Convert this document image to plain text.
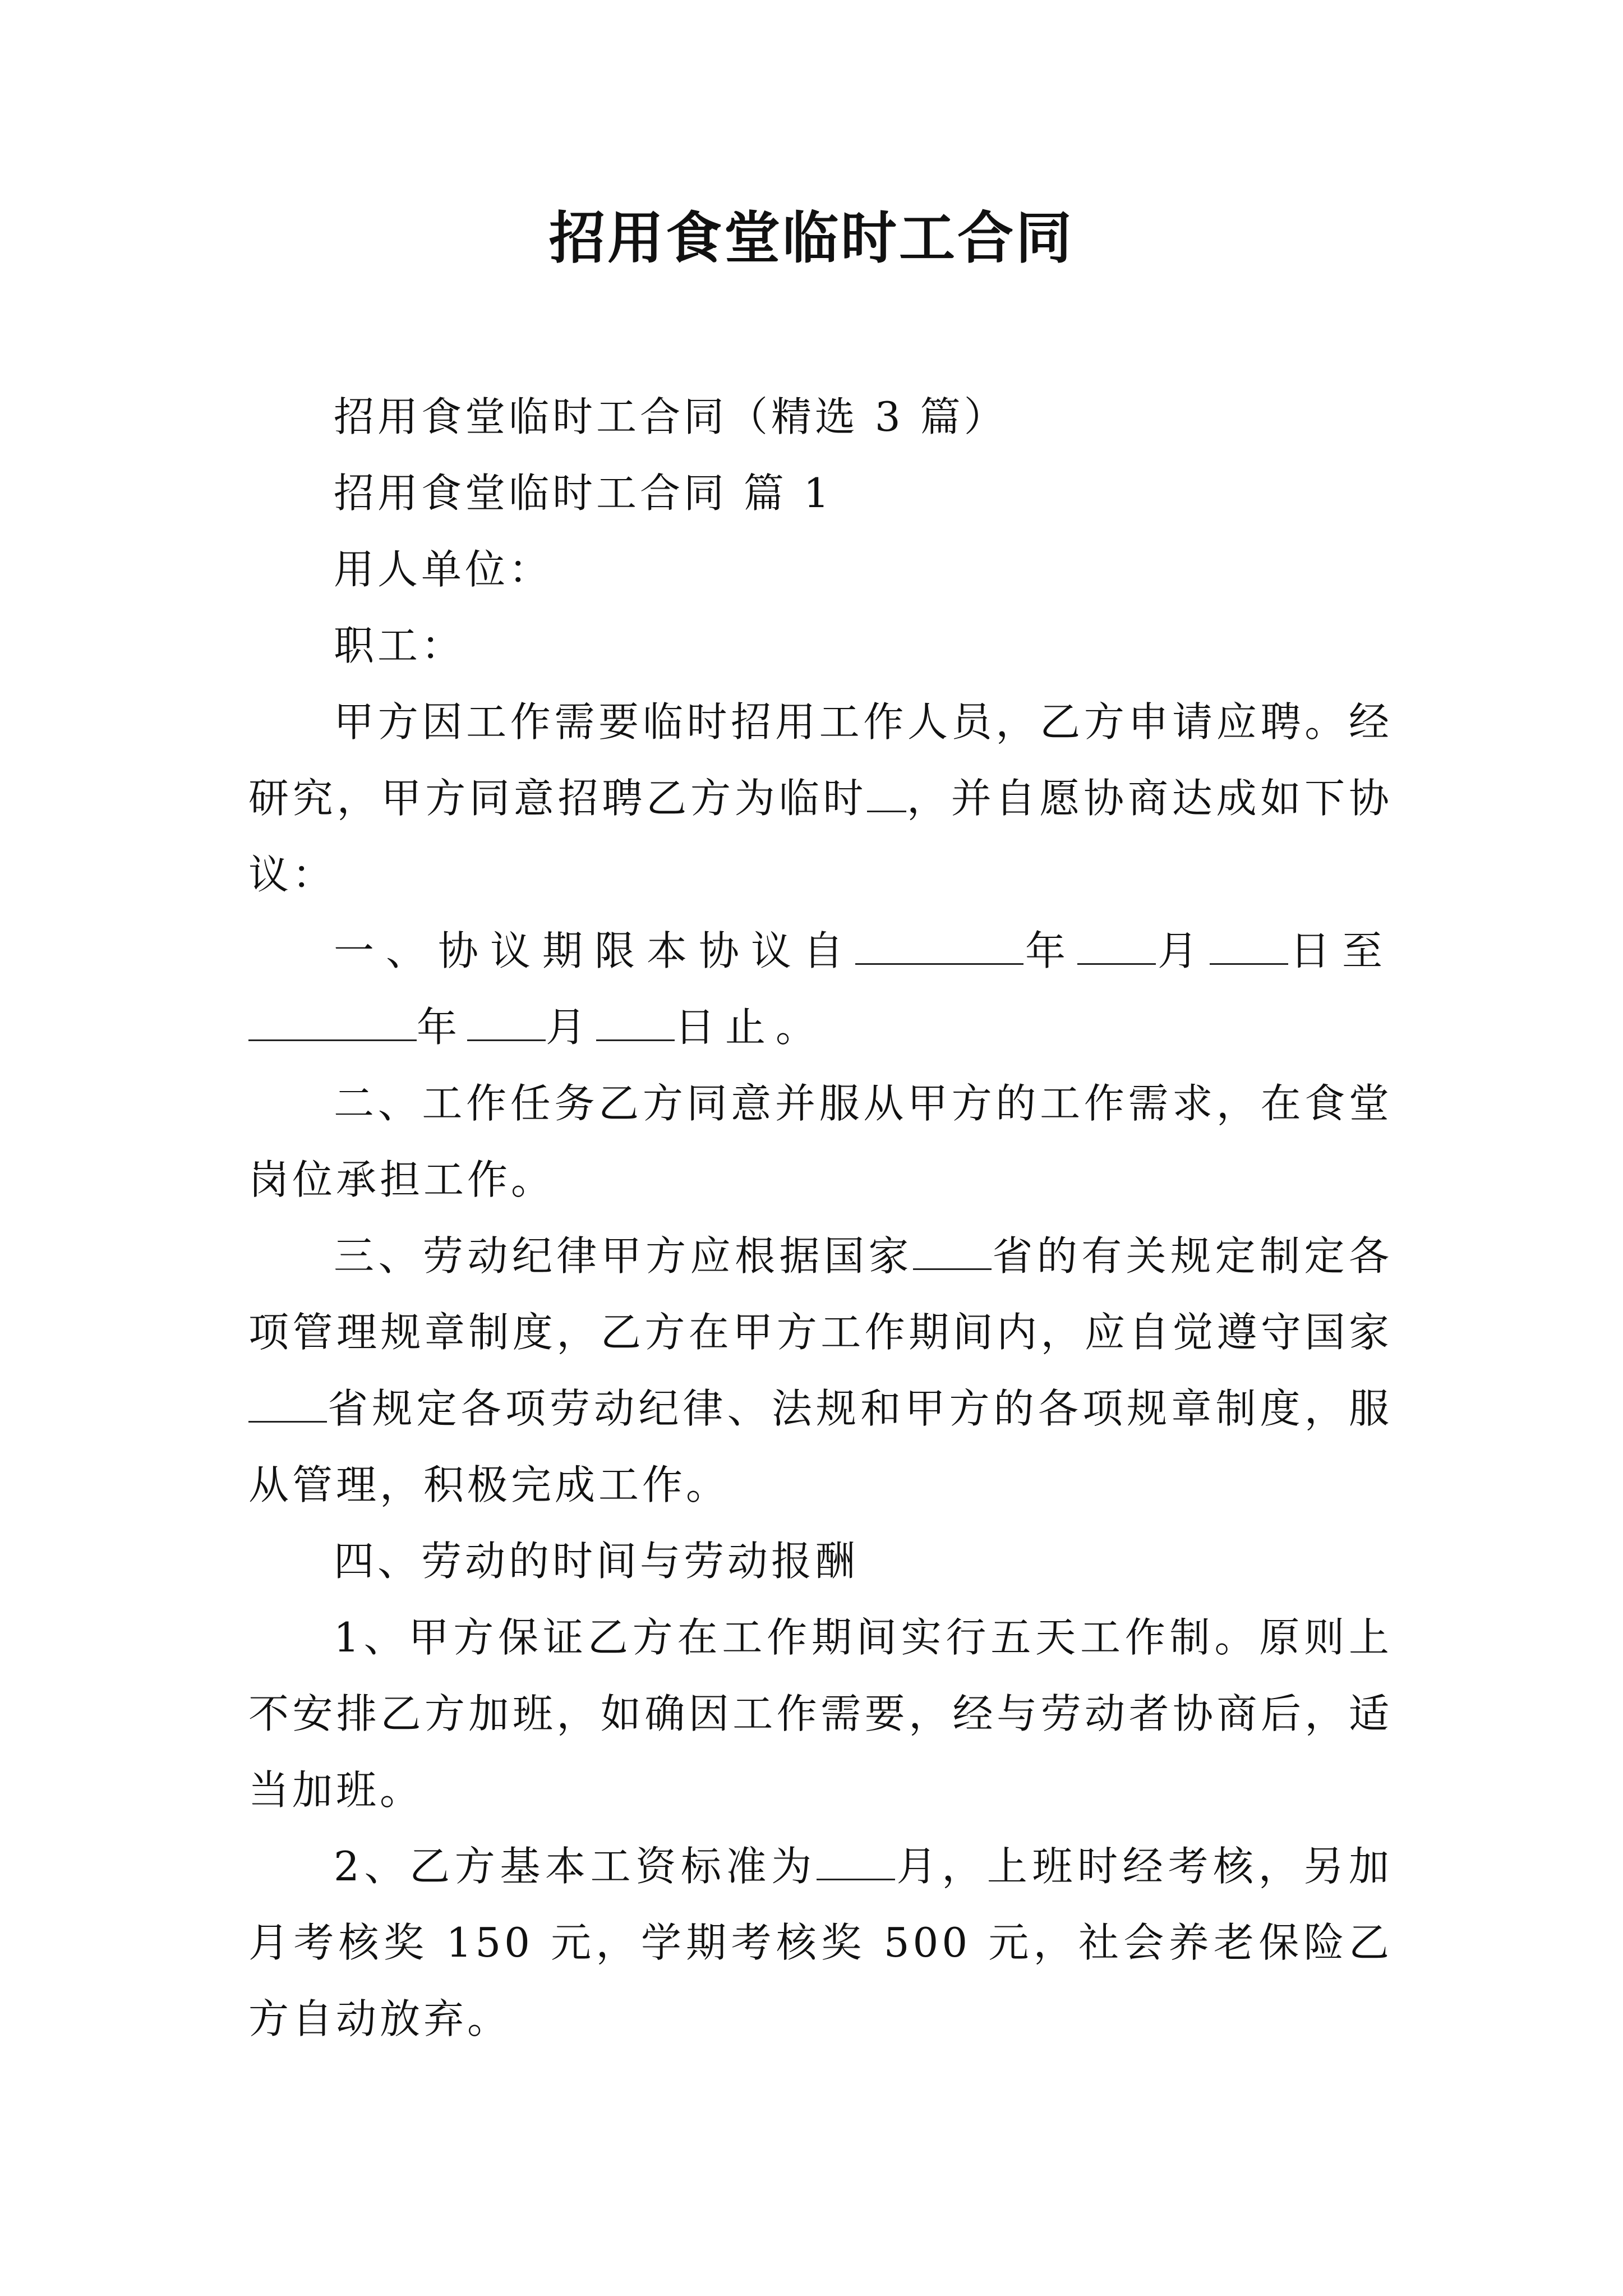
招用食堂临时工合同

招用食堂临时工合同（精选 3 篇）

招用食堂临时工合同 篇 1

用人单位：

职工：

甲方因工作需要临时招用工作人员，乙方申请应聘。经研究，甲方同意招聘乙方为临时 ，并自愿协商达成如下协议：

一、协议期限本协议自	年 月 日至年 月 日止。

二、工作任务乙方同意并服从甲方的工作需求，在食堂岗位承担工作。

三、劳动纪律甲方应根据国家 省的有关规定制定各项管理规章制度，乙方在甲方工作期间内，应自觉遵守国家省规定各项劳动纪律、法规和甲方的各项规章制度，服从管理，积极完成工作。

四、劳动的时间与劳动报酬

1、甲方保证乙方在工作期间实行五天工作制。原则上不安排乙方加班，如确因工作需要，经与劳动者协商后，适当加班。

2、乙方基本工资标准为 月，上班时经考核，另加月考核奖 150 元，学期考核奖 500 元，社会养老保险乙方自动放弃。
